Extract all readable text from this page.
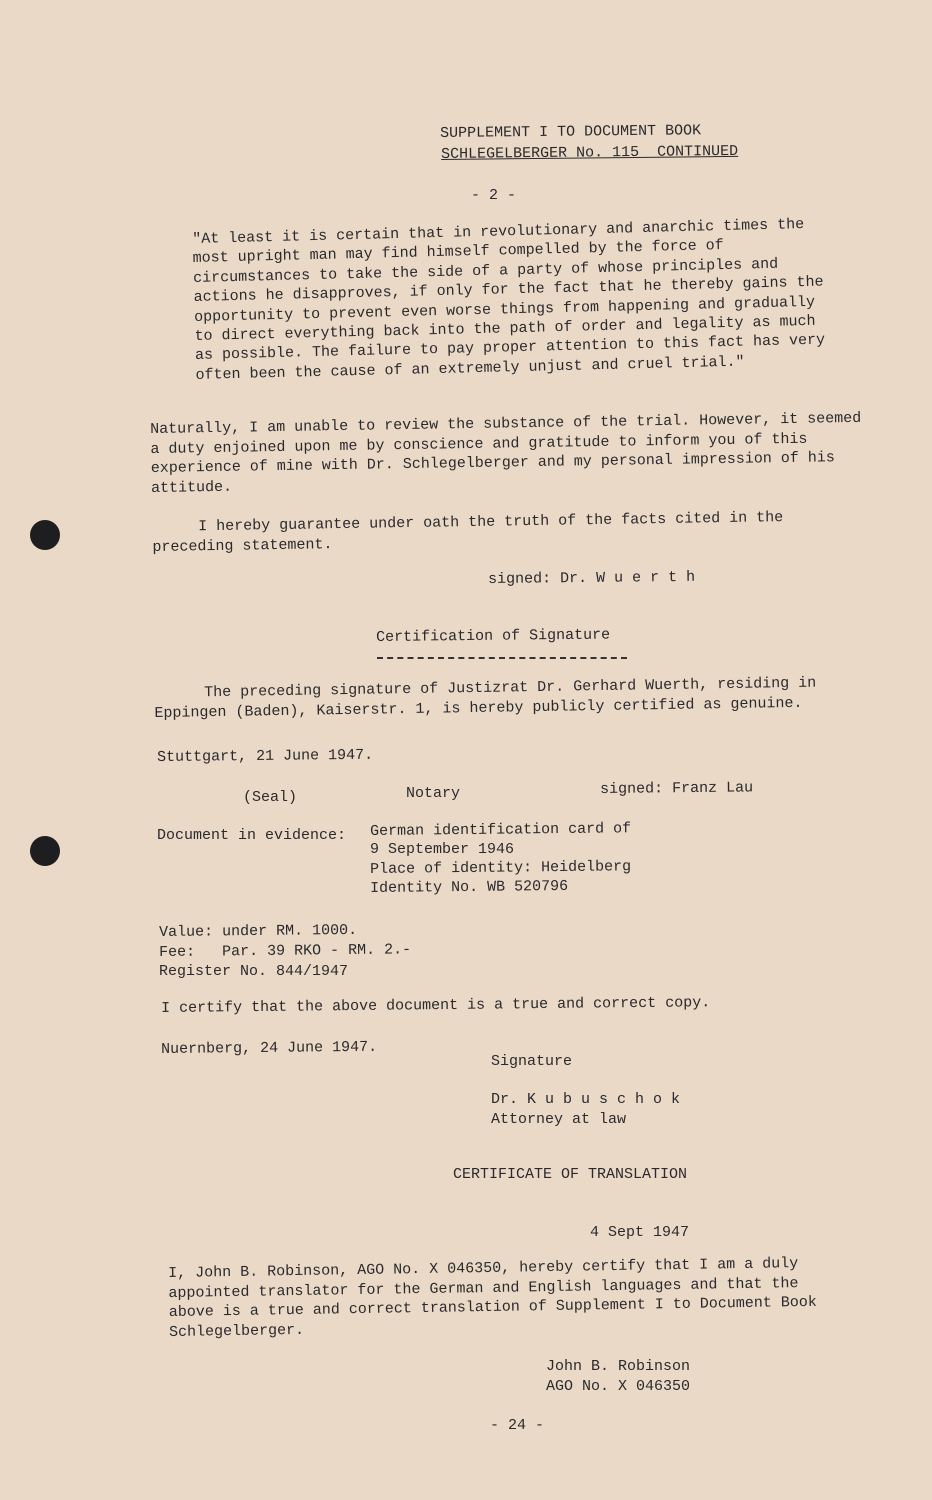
SUPPLEMENT I TO DOCUMENT BOOK
SCHLEGELBERGER No. 115  CONTINUED
- 2 -
"At least it is certain that in revolutionary and anarchic times the most upright man may find himself compelled by the force of circumstances to take the side of a party of whose principles and actions he disapproves, if only for the fact that he thereby gains the opportunity to prevent even worse things from happening and gradually to direct everything back into the path of order and legality as much as possible. The failure to pay proper attention to this fact has very often been the cause of an extremely unjust and cruel trial."
Naturally, I am unable to review the substance of the trial. However, it seemed a duty enjoined upon me by conscience and gratitude to inform you of this experience of mine with Dr. Schlegelberger and my personal impression of his attitude.
I hereby guarantee under oath the truth of the facts cited in the preceding statement.
signed: Dr. W u e r t h
Certification of Signature
The preceding signature of Justizrat Dr. Gerhard Wuerth, residing in Eppingen (Baden), Kaiserstr. 1, is hereby publicly certified as genuine.
Stuttgart, 21 June 1947.
(Seal)	Notary	signed: Franz Lau
Document in evidence: German identification card of
9 September 1946
Place of identity: Heidelberg
Identity No. WB 520796
Value: under RM. 1000.
Fee:   Par. 39 RKO - RM. 2.-
Register No. 844/1947
I certify that the above document is a true and correct copy.
Nuernberg, 24 June 1947.
Signature
Dr. K u b u s c h o k
Attorney at law
CERTIFICATE OF TRANSLATION
4 Sept 1947
I, John B. Robinson, AGO No. X 046350, hereby certify that I am a duly appointed translator for the German and English languages and that the above is a true and correct translation of Supplement I to Document Book Schlegelberger.
John B. Robinson
AGO No. X 046350
- 24 -
